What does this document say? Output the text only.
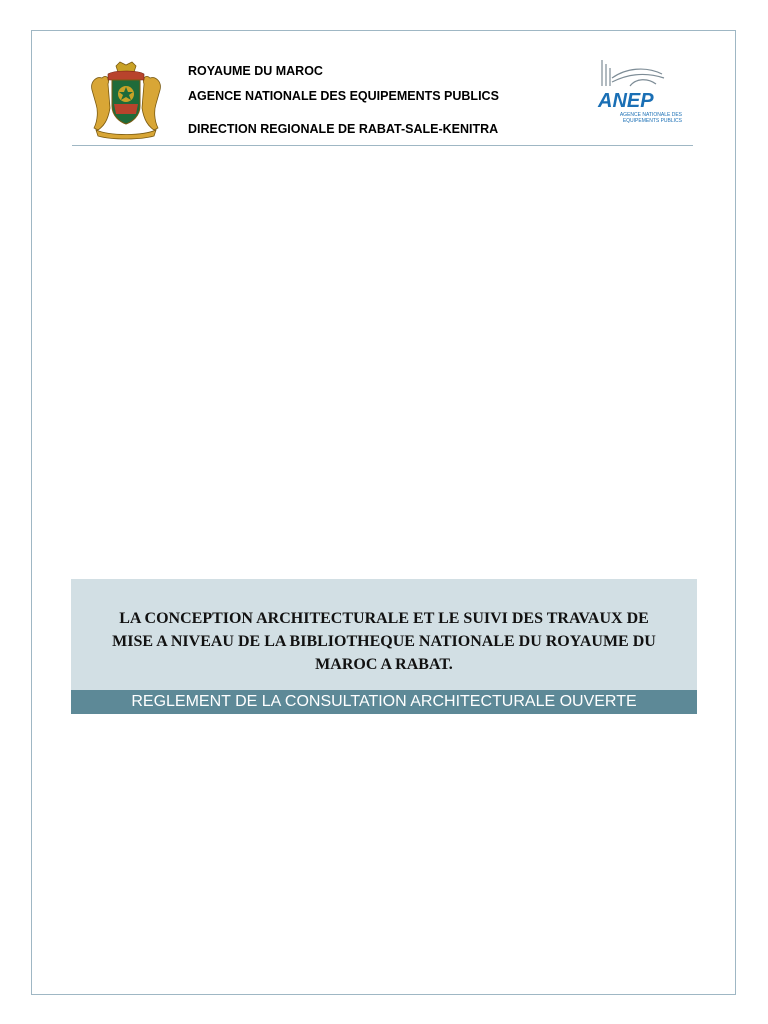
ROYAUME DU MAROC
AGENCE NATIONALE DES EQUIPEMENTS PUBLICS
DIRECTION REGIONALE DE RABAT-SALE-KENITRA
ANEP
AGENCE NATIONALE DES EQUIPEMENTS PUBLICS
LA CONCEPTION ARCHITECTURALE ET LE SUIVI DES TRAVAUX DE
MISE A NIVEAU DE LA BIBLIOTHEQUE NATIONALE DU ROYAUME DU
MAROC A RABAT.
REGLEMENT DE LA CONSULTATION ARCHITECTURALE OUVERTE
